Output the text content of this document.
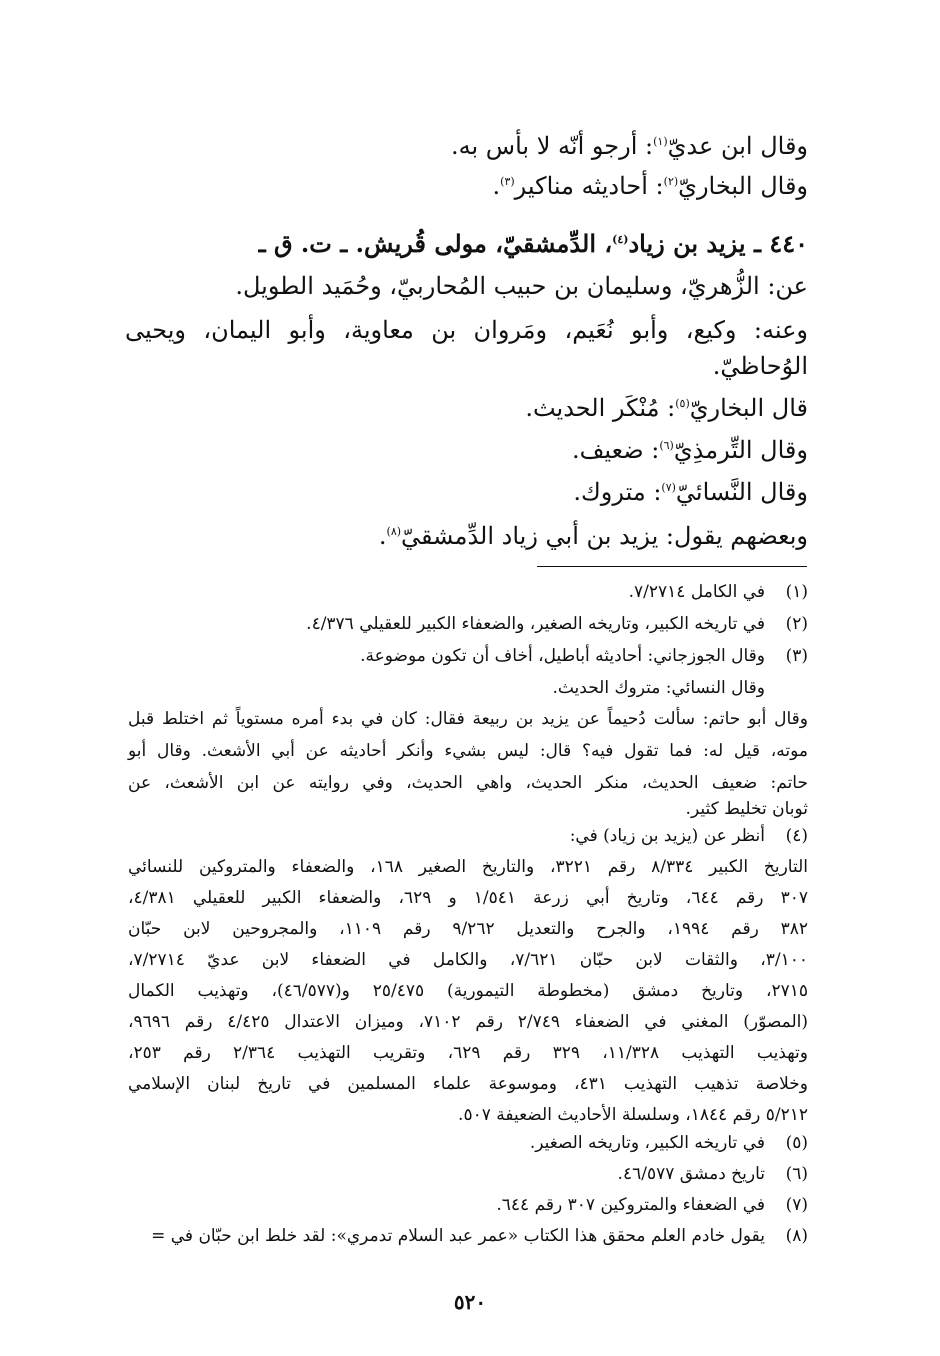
وقال ابن عديّ$^{(١)}$: أرجو أنّه لا بأس به.
وقال البخاريّ$^{(٢)}$: أحاديثه مناكير$^{(٣)}$.
٤٤٠ ـ يزيد بن زياد$^{(٤)}$، الدِّمشقيّ، مولى قُريش. ـ ت. ق ـ
عن: الزُّهريّ، وسليمان بن حبيب المُحاربيّ، وحُمَيد الطويل.
وعنه: وكيع، وأبو نُعَيم، ومَروان بن معاوية، وأبو اليمان، ويحيى
الوُحاظيّ.
قال البخاريّ$^{(٥)}$: مُنْكَر الحديث.
وقال التِّرمذِيّ$^{(٦)}$: ضعيف.
وقال النَّسائيّ$^{(٧)}$: متروك.
وبعضهم يقول: يزيد بن أبي زياد الدِّمشقيّ$^{(٨)}$.
(١)
في الكامل ٧/٢٧١٤.
(٢)
في تاريخه الكبير، وتاريخه الصغير، والضعفاء الكبير للعقيلي ٤/٣٧٦.
(٣)
وقال الجوزجاني: أحاديثه أباطيل، أخاف أن تكون موضوعة.
وقال النسائي: متروك الحديث.
وقال أبو حاتم: سألت دُحيماً عن يزيد بن ربيعة فقال: كان في بدء أمره مستوياً ثم اختلط قبل
موته، قيل له: فما تقول فيه؟ قال: ليس بشيء وأنكر أحاديثه عن أبي الأشعث. وقال أبو
حاتم: ضعيف الحديث، منكر الحديث، واهي الحديث، وفي روايته عن ابن الأشعث، عن
ثوبان تخليط كثير.
(٤)
أنظر عن (يزيد بن زياد) في:
التاريخ الكبير ٨/٣٣٤ رقم ٣٢٢١، والتاريخ الصغير ١٦٨، والضعفاء والمتروكين للنسائي
٣٠٧ رقم ٦٤٤، وتاريخ أبي زرعة ١/٥٤١ و ٦٢٩، والضعفاء الكبير للعقيلي ٤/٣٨١،
٣٨٢ رقم ١٩٩٤، والجرح والتعديل ٩/٢٦٢ رقم ١١٠٩، والمجروحين لابن حبّان
٣/١٠٠، والثقات لابن حبّان ٧/٦٢١، والكامل في الضعفاء لابن عديّ ٧/٢٧١٤،
٢٧١٥، وتاريخ دمشق (مخطوطة التيمورية) ٢٥/٤٧٥ و(٤٦/٥٧٧)، وتهذيب الكمال
(المصوّر) المغني في الضعفاء ٢/٧٤٩ رقم ٧١٠٢، وميزان الاعتدال ٤/٤٢٥ رقم ٩٦٩٦،
وتهذيب التهذيب ١١/٣٢٨، ٣٢٩ رقم ٦٢٩، وتقريب التهذيب ٢/٣٦٤ رقم ٢٥٣،
وخلاصة تذهيب التهذيب ٤٣١، وموسوعة علماء المسلمين في تاريخ لبنان الإسلامي
٥/٢١٢ رقم ١٨٤٤، وسلسلة الأحاديث الضعيفة ٥٠٧.
(٥)
في تاريخه الكبير، وتاريخه الصغير.
(٦)
تاريخ دمشق ٤٦/٥٧٧.
(٧)
في الضعفاء والمتروكين ٣٠٧ رقم ٦٤٤.
(٨)
يقول خادم العلم محقق هذا الكتاب «عمر عبد السلام تدمري»: لقد خلط ابن حبّان في =
٥٢٠
